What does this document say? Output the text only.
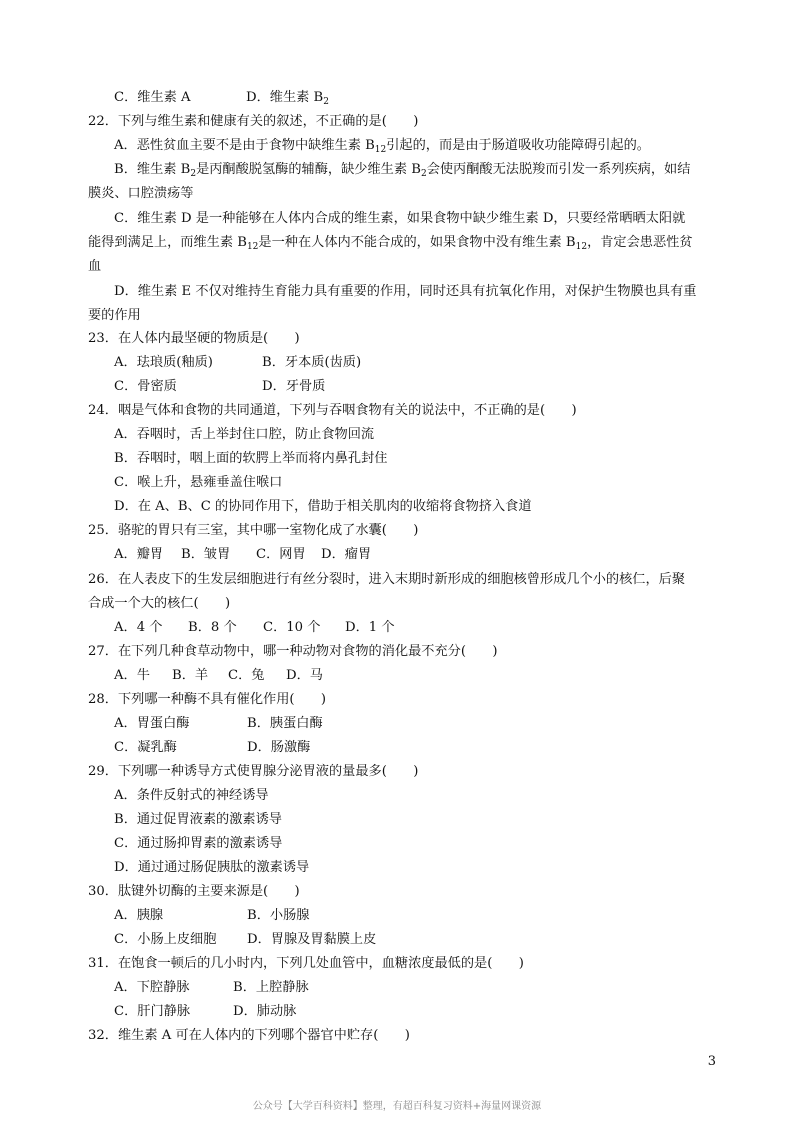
C．维生素 A	D．维生素 $B_2$
22．下列与维生素和健康有关的叙述，不正确的是(　　)
A．恶性贫血主要不是由于食物中缺维生素 $B_{12}$引起的，而是由于肠道吸收功能障碍引起的。
B．维生素 $B_2$是丙酮酸脱氢酶的辅酶，缺少维生素 $B_2$会使丙酮酸无法脱羧而引发一系列疾病，如结
膜炎、口腔溃疡等
C．维生素 D 是一种能够在人体内合成的维生素，如果食物中缺少维生素 D，只要经常晒晒太阳就
能得到满足上，而维生素 $B_{12}$是一种在人体内不能合成的，如果食物中没有维生素 $B_{12}$，肯定会患恶性贫
血
D．维生素 E 不仅对维持生育能力具有重要的作用，同时还具有抗氧化作用，对保护生物膜也具有重
要的作用
23．在人体内最坚硬的物质是(　　)
A．珐琅质(釉质)	B．牙本质(齿质)
C．骨密质	D．牙骨质
24．咽是气体和食物的共同通道，下列与吞咽食物有关的说法中，不正确的是(　　)
A．吞咽时，舌上举封住口腔，防止食物回流
B．吞咽时，咽上面的软腭上举而将内鼻孔封住
C．喉上升，悬雍垂盖住喉口
D．在 A、B、C 的协同作用下，借助于相关肌肉的收缩将食物挤入食道
25．骆驼的胃只有三室，其中哪一室物化成了水囊(　　)
A．瓣胃 B．皱胃 C．网胃 D．瘤胃
26．在人表皮下的生发层细胞进行有丝分裂时，进入末期时新形成的细胞核曾形成几个小的核仁，后聚
合成一个大的核仁(　　)
A．4 个 B．8 个 C．10 个 D．1 个
27．在下列几种食草动物中，哪一种动物对食物的消化最不充分(　　)
A．牛 B．羊 C．兔 D．马
28．下列哪一种酶不具有催化作用(　　)
A．胃蛋白酶	B．胰蛋白酶
C．凝乳酶	D．肠激酶
29．下列哪一种诱导方式使胃腺分泌胃液的量最多(　　)
A．条件反射式的神经诱导
B．通过促胃液素的激素诱导
C．通过肠抑胃素的激素诱导
D．通过通过肠促胰肽的激素诱导
30．肽键外切酶的主要来源是(　　)
A．胰腺	B．小肠腺
C．小肠上皮细胞 D．胃腺及胃黏膜上皮
31．在饱食一顿后的几小时内，下列几处血管中，血糖浓度最低的是(　　)
A．下腔静脉	B．上腔静脉
C．肝门静脉	D．肺动脉
32．维生素 A 可在人体内的下列哪个器官中贮存(　　)
3
公众号【大学百科资料】整理，有超百科复习资料+海量网课资源
